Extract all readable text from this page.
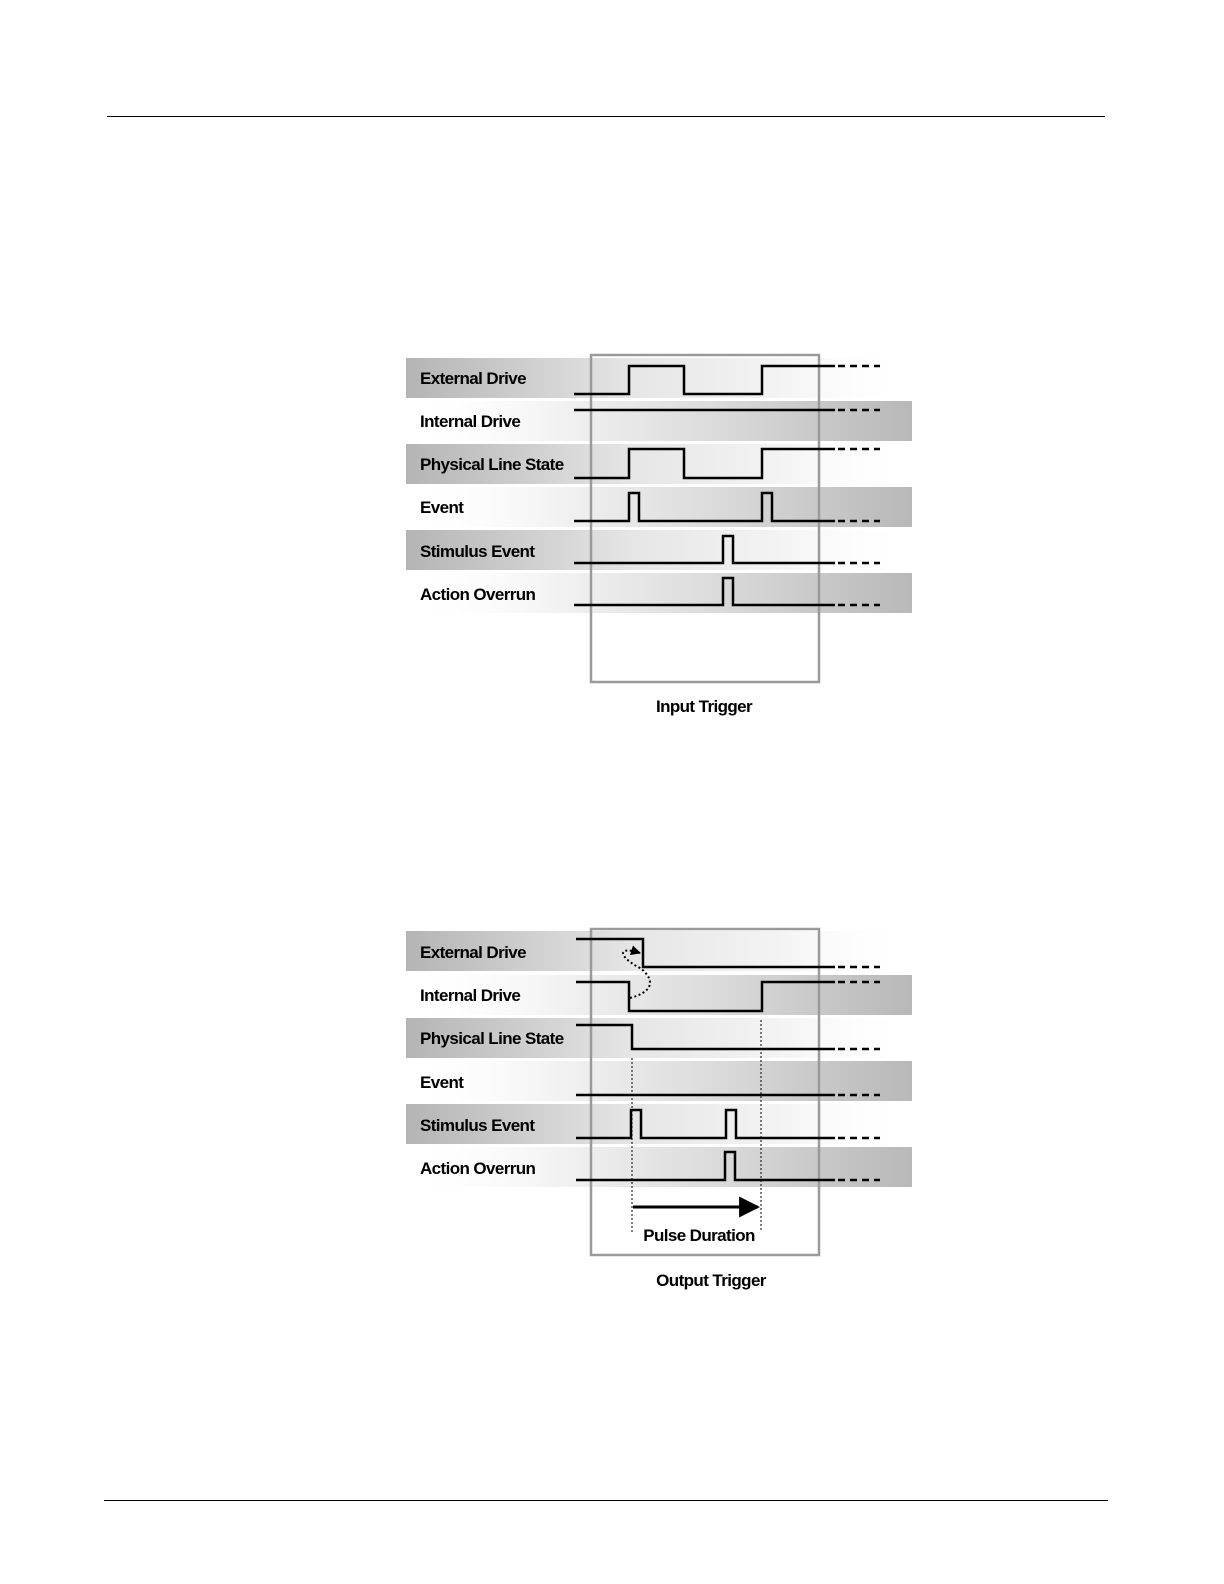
External Drive
Internal Drive
Physical Line State
Event
Stimulus Event
Action Overrun
Input Trigger
External Drive
Internal Drive
Physical Line State
Event
Stimulus Event
Action Overrun
Pulse Duration
Output Trigger
